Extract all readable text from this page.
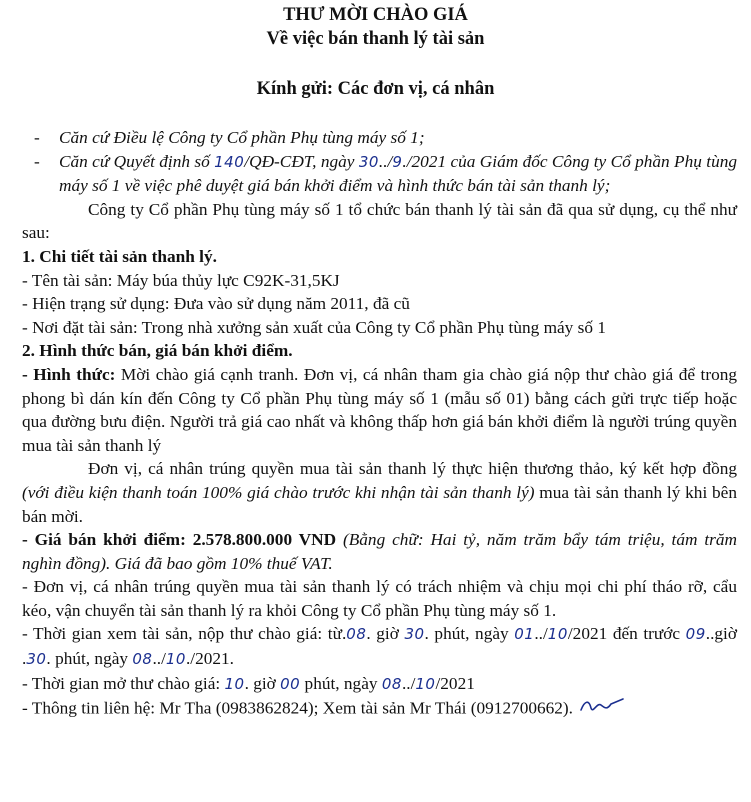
THƯ MỜI CHÀO GIÁ
Về việc bán thanh lý tài sản
Kính gửi: Các đơn vị, cá nhân

- Căn cứ Điều lệ Công ty Cổ phần Phụ tùng máy số 1;

- Căn cứ Quyết định số 140/QĐ-CĐT, ngày 30../9./2021 của Giám đốc Công ty Cổ phần Phụ tùng máy số 1 về việc phê duyệt giá bán khởi điểm và hình thức bán tài sản thanh lý;

Công ty Cổ phần Phụ tùng máy số 1 tổ chức bán thanh lý tài sản đã qua sử dụng, cụ thể như sau:

1. Chi tiết tài sản thanh lý.

- Tên tài sản: Máy búa thủy lực C92K-31,5KJ

- Hiện trạng sử dụng: Đưa vào sử dụng năm 2011, đã cũ

- Nơi đặt tài sản: Trong nhà xưởng sản xuất của Công ty Cổ phần Phụ tùng máy số 1

2. Hình thức bán, giá bán khởi điểm.

- Hình thức: Mời chào giá cạnh tranh. Đơn vị, cá nhân tham gia chào giá nộp thư chào giá để trong phong bì dán kín đến Công ty Cổ phần Phụ tùng máy số 1 (mẫu số 01) bằng cách gửi trực tiếp hoặc qua đường bưu điện. Người trả giá cao nhất và không thấp hơn giá bán khởi điểm là người trúng quyền mua tài sản thanh lý

Đơn vị, cá nhân trúng quyền mua tài sản thanh lý thực hiện thương thảo, ký kết hợp đồng (với điều kiện thanh toán 100% giá chào trước khi nhận tài sản thanh lý) mua tài sản thanh lý khi bên bán mời.

- Giá bán khởi điểm: 2.578.800.000 VND (Bằng chữ: Hai tỷ, năm trăm bẩy tám triệu, tám trăm nghìn đồng). Giá đã bao gồm 10% thuế VAT.

- Đơn vị, cá nhân trúng quyền mua tài sản thanh lý có trách nhiệm và chịu mọi chi phí tháo rỡ, cẩu kéo, vận chuyển tài sản thanh lý ra khỏi Công ty Cổ phần Phụ tùng máy số 1.

- Thời gian xem tài sản, nộp thư chào giá: từ.08. giờ 30. phút, ngày 01../10/2021 đến trước 09..giờ .30. phút, ngày 08../10./2021.

- Thời gian mở thư chào giá: 10. giờ 00 phút, ngày 08../10/2021

- Thông tin liên hệ: Mr Tha (0983862824); Xem tài sản Mr Thái (0912700662).
